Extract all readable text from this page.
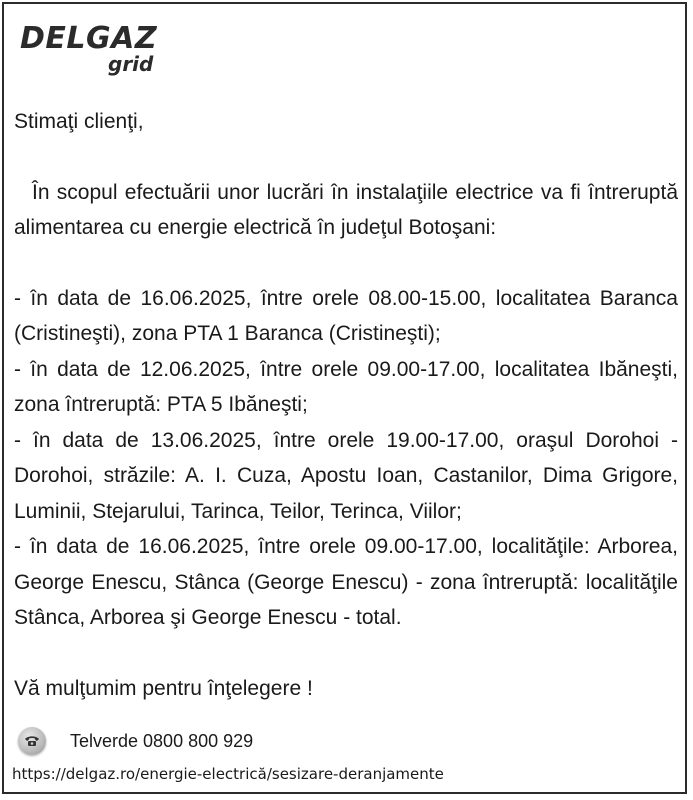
DELGAZ
grid

Stimaţi clienţi,

În scopul efectuării unor lucrări în instalaţiile electrice va fi întreruptă alimentarea cu energie electrică în judeţul Botoşani:

- în data de 16.06.2025, între orele 08.00-15.00, localitatea Baranca (Cristineşti), zona PTA 1 Baranca (Cristineşti);

- în data de 12.06.2025, între orele 09.00-17.00, localitatea Ibăneşti, zona întreruptă: PTA 5 Ibăneşti;

- în data de 13.06.2025, între orele 19.00-17.00, oraşul Dorohoi - Dorohoi, străzile: A. I. Cuza, Apostu Ioan, Castanilor, Dima Grigore, Luminii, Stejarului, Tarinca, Teilor, Terinca, Viilor;

- în data de 16.06.2025, între orele 09.00-17.00, localităţile: Arborea, George Enescu, Stânca (George Enescu) - zona întreruptă: localităţile Stânca, Arborea şi George Enescu - total.

Vă mulţumim pentru înţelegere !

Telverde 0800 800 929
https://delgaz.ro/energie-electrică/sesizare-deranjamente
